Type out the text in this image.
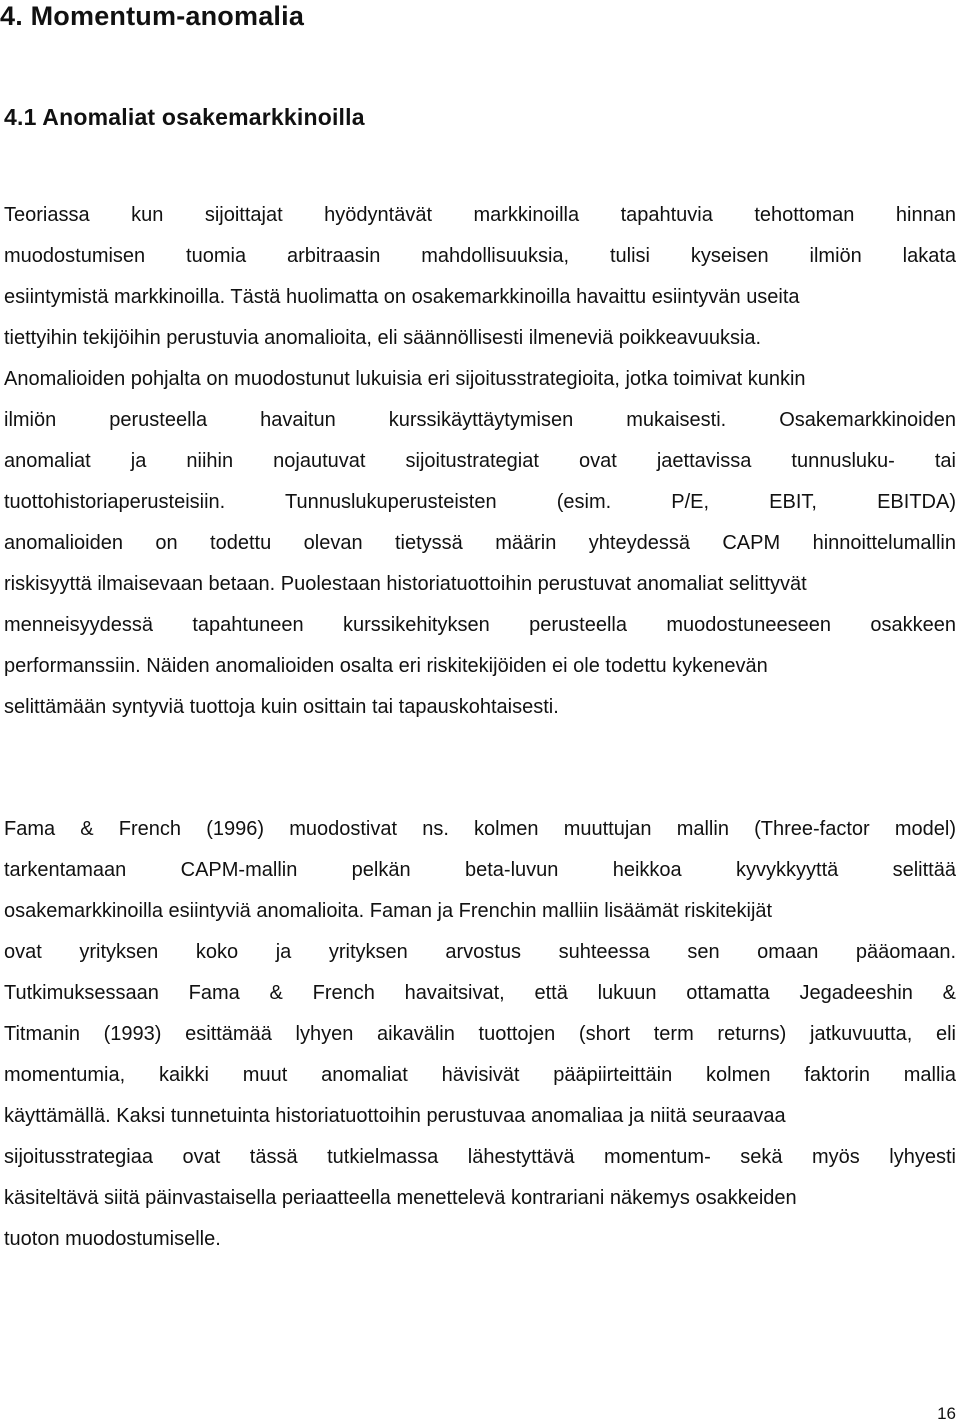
4. Momentum-anomalia
4.1 Anomaliat osakemarkkinoilla

Teoriassa kun sijoittajat hyödyntävät markkinoilla tapahtuvia tehottoman hinnan
muodostumisen tuomia arbitraasin mahdollisuuksia, tulisi kyseisen ilmiön lakata
esiintymistä markkinoilla. Tästä huolimatta on osakemarkkinoilla havaittu esiintyvän useita
tiettyihin tekijöihin perustuvia anomalioita, eli säännöllisesti ilmeneviä poikkeavuuksia.
Anomalioiden pohjalta on muodostunut lukuisia eri sijoitusstrategioita, jotka toimivat kunkin
ilmiön perusteella havaitun kurssikäyttäytymisen mukaisesti. Osakemarkkinoiden
anomaliat ja niihin nojautuvat sijoitustrategiat ovat jaettavissa tunnusluku- tai
tuottohistoriaperusteisiin. Tunnuslukuperusteisten (esim. P/E, EBIT, EBITDA)
anomalioiden on todettu olevan tietyssä määrin yhteydessä CAPM hinnoittelumallin
riskisyyttä ilmaisevaan betaan. Puolestaan historiatuottoihin perustuvat anomaliat selittyvät
menneisyydessä tapahtuneen kurssikehityksen perusteella muodostuneeseen osakkeen
performanssiin. Näiden anomalioiden osalta eri riskitekijöiden ei ole todettu kykenevän
selittämään syntyviä tuottoja kuin osittain tai tapauskohtaisesti.

Fama & French (1996) muodostivat ns. kolmen muuttujan mallin (Three-factor model)
tarkentamaan CAPM-mallin pelkän beta-luvun heikkoa kyvykkyyttä selittää
osakemarkkinoilla esiintyviä anomalioita. Faman ja Frenchin malliin lisäämät riskitekijät
ovat yrityksen koko ja yrityksen arvostus suhteessa sen omaan pääomaan.
Tutkimuksessaan Fama & French havaitsivat, että lukuun ottamatta Jegadeeshin &
Titmanin (1993) esittämää lyhyen aikavälin tuottojen (short term returns) jatkuvuutta, eli
momentumia, kaikki muut anomaliat hävisivät pääpiirteittäin kolmen faktorin mallia
käyttämällä. Kaksi tunnetuinta historiatuottoihin perustuvaa anomaliaa ja niitä seuraavaa
sijoitusstrategiaa ovat tässä tutkielmassa lähestyttävä momentum- sekä myös lyhyesti
käsiteltävä siitä päinvastaisella periaatteella menettelevä kontrariani näkemys osakkeiden
tuoton muodostumiselle.

16
